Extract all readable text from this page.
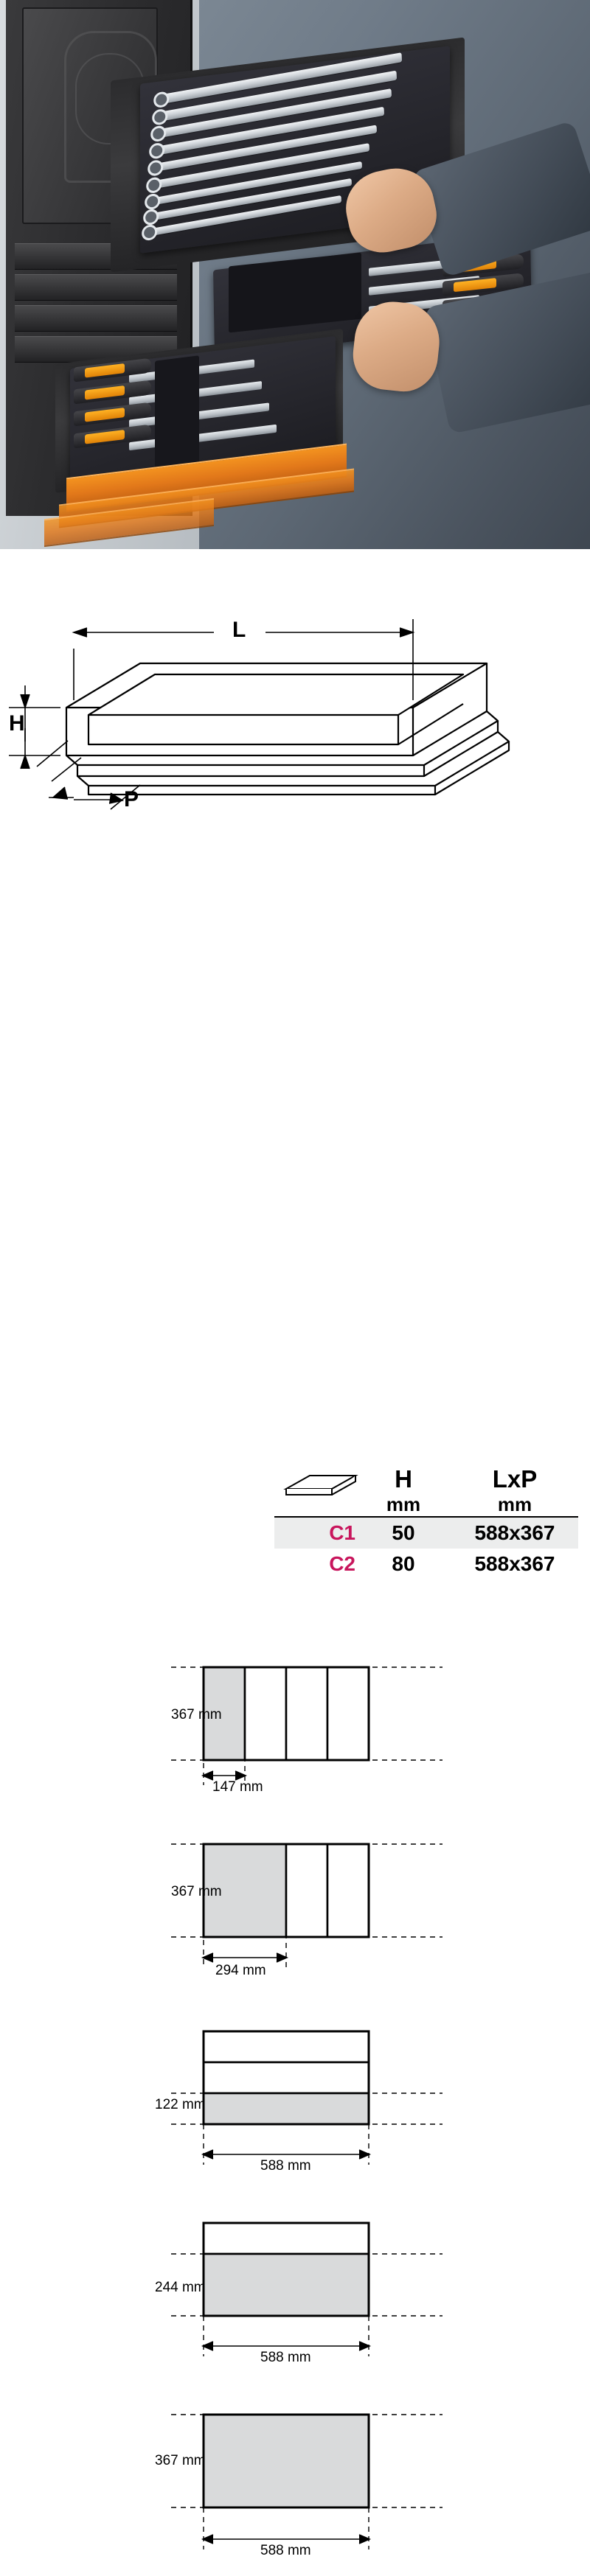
L
H
P
	H	LxP
	mm	mm

C1	50	588x367
C2	80	588x367
367 mm
147 mm
367 mm
294 mm
122 mm
588 mm
244 mm
588 mm
367 mm
588 mm
